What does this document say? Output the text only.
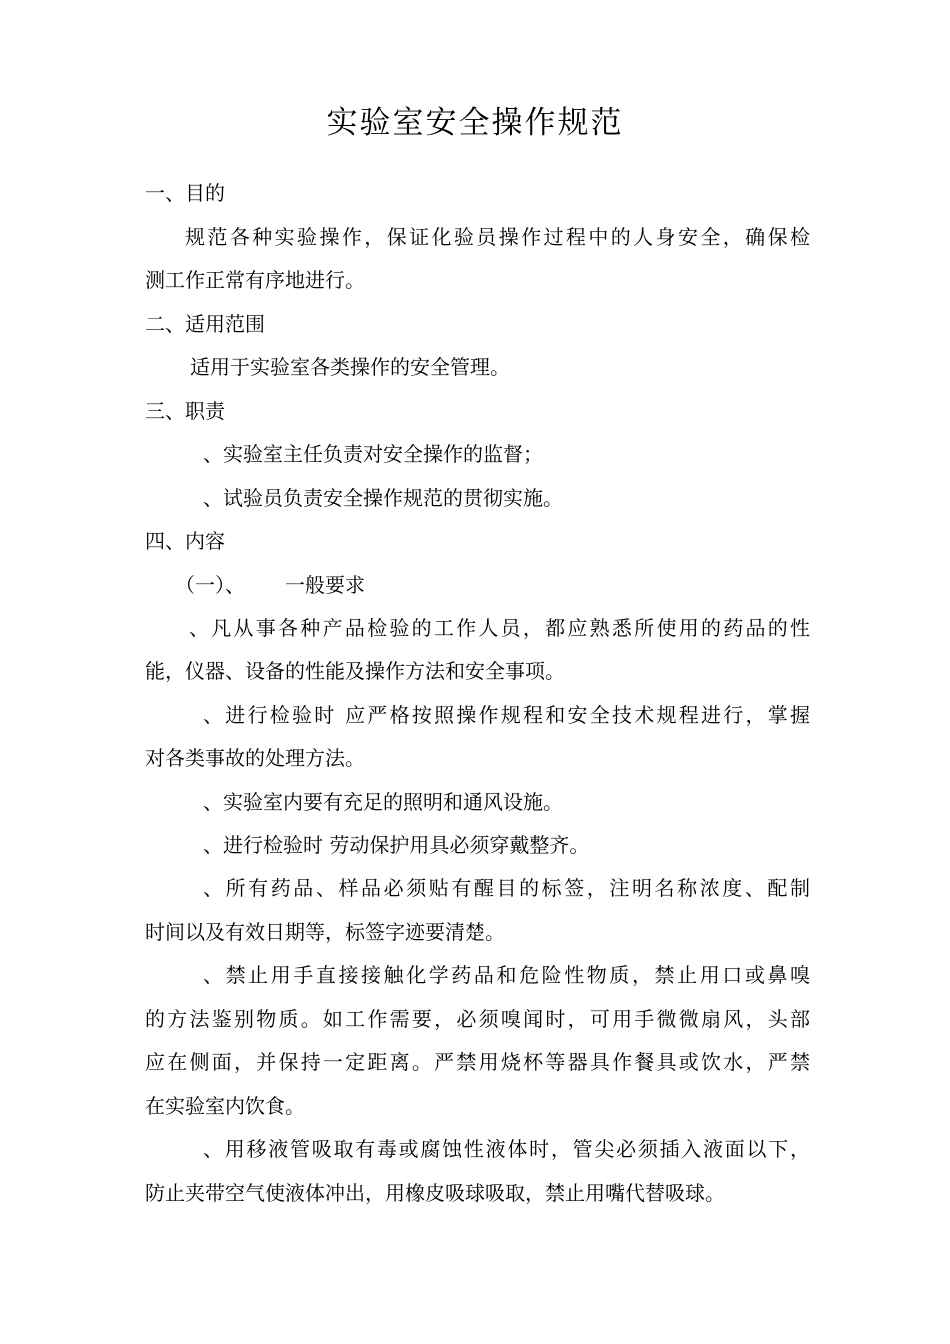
实验室安全操作规范
一、目的
规范各种实验操作，保证化验员操作过程中的人身安全，确保检
测工作正常有序地进行。
二、适用范围
适用于实验室各类操作的安全管理。
三、职责
、实验室主任负责对安全操作的监督；
、试验员负责安全操作规范的贯彻实施。
四、内容
（一）、 一般要求
、凡从事各种产品检验的工作人员，都应熟悉所使用的药品的性
能，仪器、设备的性能及操作方法和安全事项。
、进行检验时 应严格按照操作规程和安全技术规程进行，掌握
对各类事故的处理方法。
、实验室内要有充足的照明和通风设施。
、进行检验时 劳动保护用具必须穿戴整齐。
、所有药品、样品必须贴有醒目的标签，注明名称浓度、配制
时间以及有效日期等，标签字迹要清楚。
、禁止用手直接接触化学药品和危险性物质，禁止用口或鼻嗅
的方法鉴别物质。如工作需要，必须嗅闻时，可用手微微扇风，头部
应在侧面，并保持一定距离。严禁用烧杯等器具作餐具或饮水，严禁
在实验室内饮食。
、用移液管吸取有毒或腐蚀性液体时，管尖必须插入液面以下，
防止夹带空气使液体冲出，用橡皮吸球吸取，禁止用嘴代替吸球。
